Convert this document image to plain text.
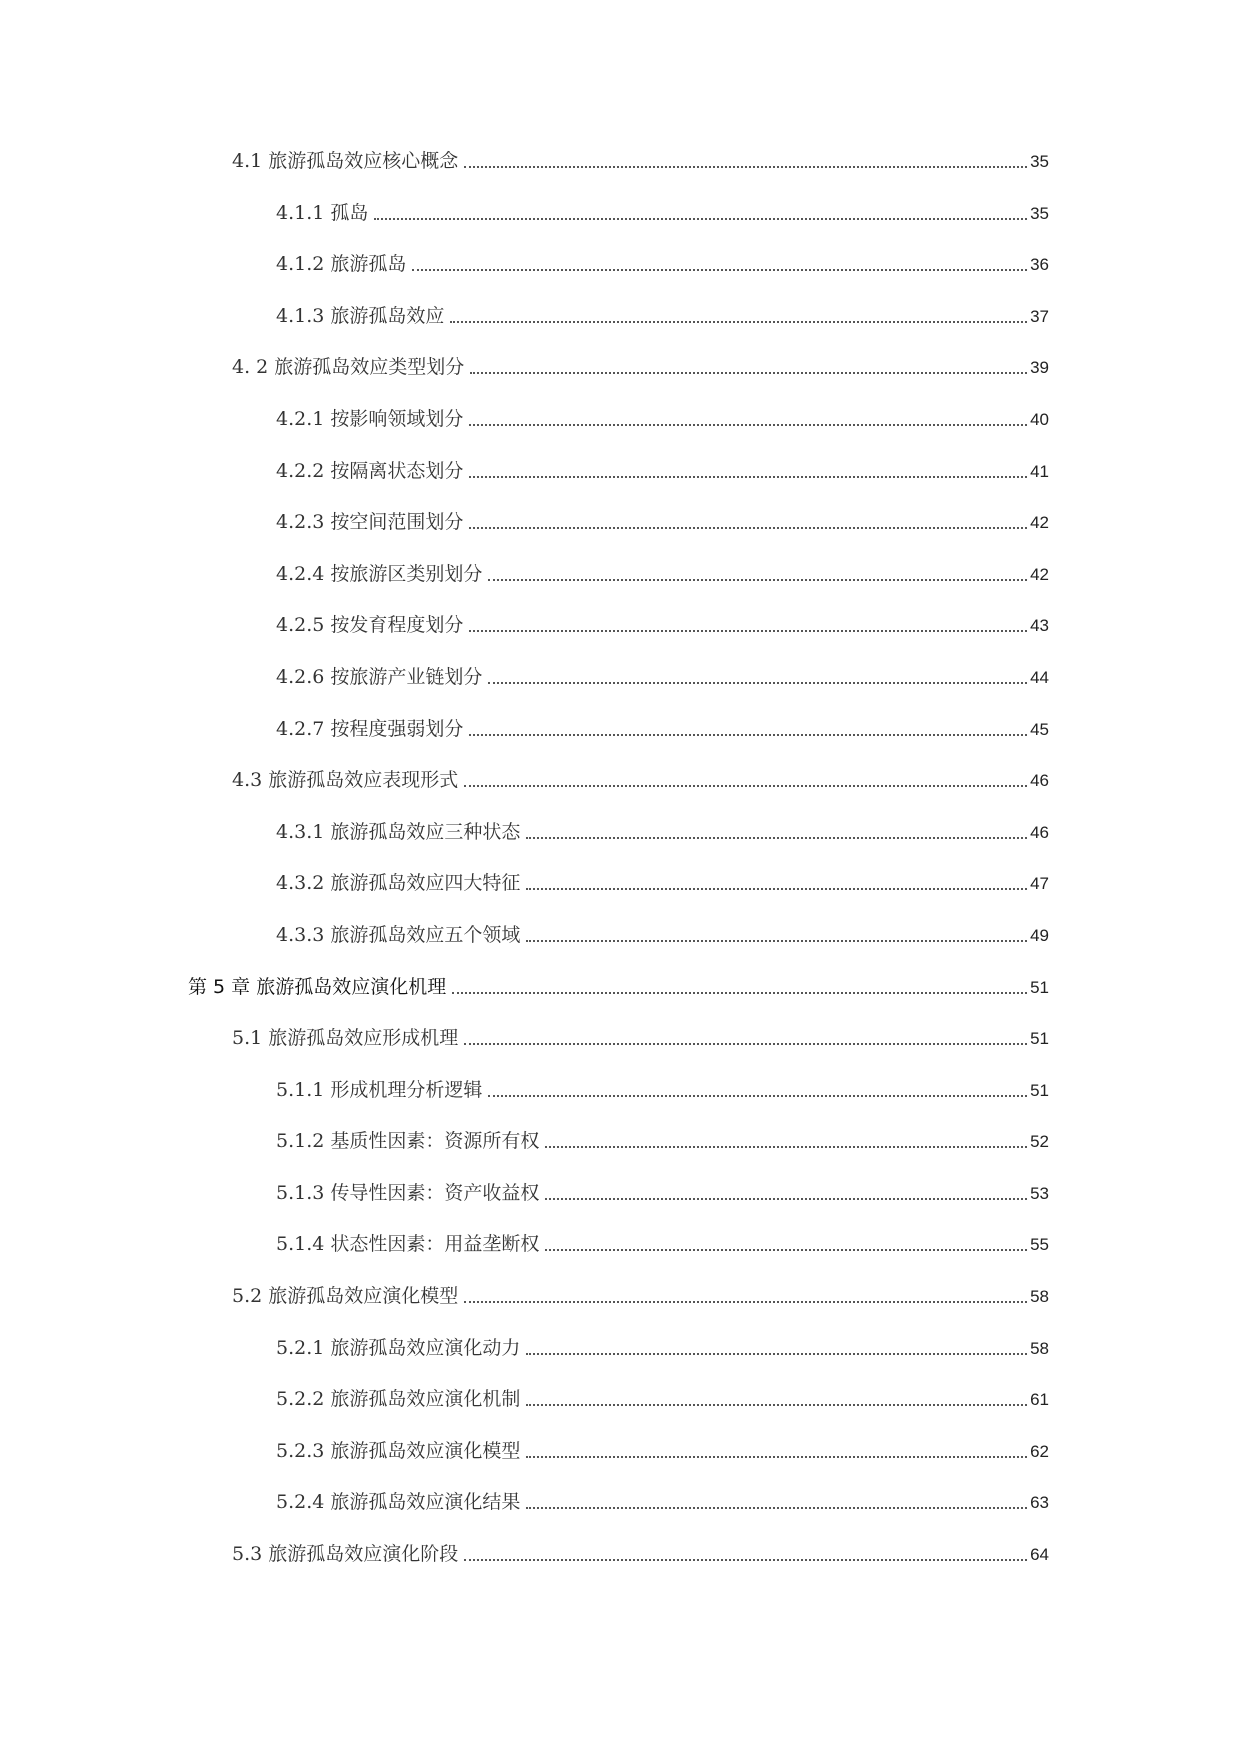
4.1 旅游孤岛效应核心概念	35
4.1.1 孤岛	35
4.1.2 旅游孤岛	36
4.1.3 旅游孤岛效应	37
4. 2 旅游孤岛效应类型划分	39
4.2.1 按影响领域划分	40
4.2.2 按隔离状态划分	41
4.2.3 按空间范围划分	42
4.2.4 按旅游区类别划分	42
4.2.5 按发育程度划分	43
4.2.6 按旅游产业链划分	44
4.2.7 按程度强弱划分	45
4.3 旅游孤岛效应表现形式	46
4.3.1 旅游孤岛效应三种状态	46
4.3.2 旅游孤岛效应四大特征	47
4.3.3 旅游孤岛效应五个领域	49
第 5 章 旅游孤岛效应演化机理	51
5.1 旅游孤岛效应形成机理	51
5.1.1 形成机理分析逻辑	51
5.1.2 基质性因素：资源所有权	52
5.1.3 传导性因素：资产收益权	53
5.1.4 状态性因素：用益垄断权	55
5.2 旅游孤岛效应演化模型	58
5.2.1 旅游孤岛效应演化动力	58
5.2.2 旅游孤岛效应演化机制	61
5.2.3 旅游孤岛效应演化模型	62
5.2.4 旅游孤岛效应演化结果	63
5.3 旅游孤岛效应演化阶段	64
